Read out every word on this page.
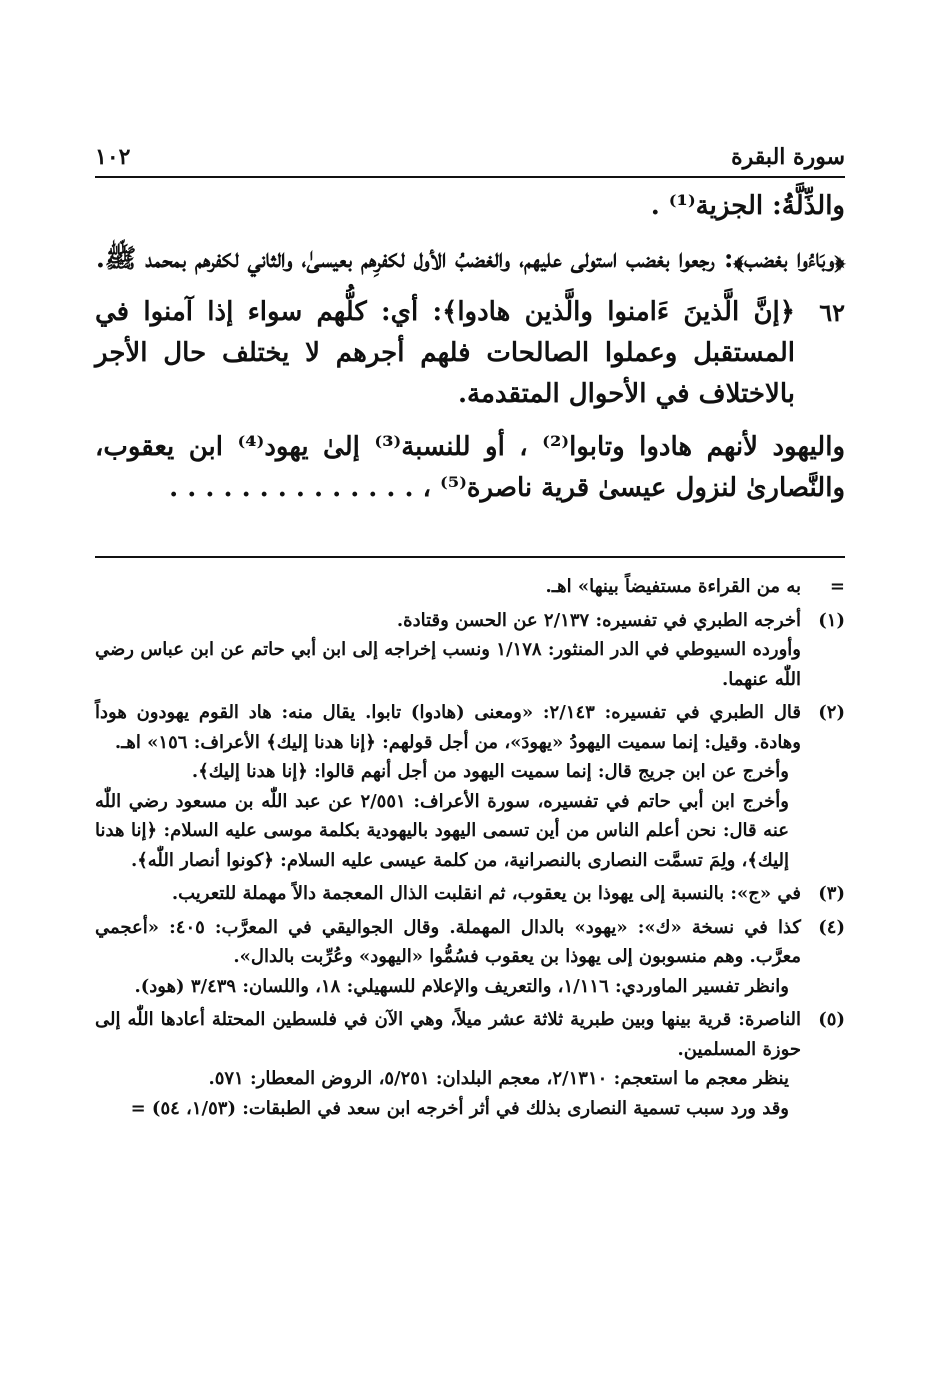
سورة البقرة
١٠٢

والذِّلَّةُ: الجزية⁽¹⁾ .

﴿وبَاءُوا بغضب﴾: رجعوا بغضب استولى عليهم، والغضبُ الأول لكفرِهم بعيسىٰ، والثاني لكفرهم بمحمد ﷺ.

٦٢
﴿إنَّ الَّذينَ ءَامنوا والَّذين هادوا﴾: أي: كلُّهم سواء إذا آمنوا في المستقبل وعملوا الصالحات فلهم أجرهم لا يختلف حال الأجر بالاختلاف في الأحوال المتقدمة.

واليهود لأنهم هادوا وتابوا⁽²⁾ ، أو للنسبة⁽³⁾ إلىٰ يهود⁽⁴⁾ ابن يعقوب، والنَّصارىٰ لنزول عيسىٰ قرية ناصرة⁽⁵⁾ ، . . . . . . . . . . . . . .

=
به من القراءة مستفيضاً بينها» اهـ.
(١)
أخرجه الطبري في تفسيره: ٢/١٣٧ عن الحسن وقتادة.
وأورده السيوطي في الدر المنثور: ١/١٧٨ ونسب إخراجه إلى ابن أبي حاتم عن ابن عباس رضي اللّٰه عنهما.
(٢)
قال الطبري في تفسيره: ٢/١٤٣: «ومعنى (هادوا) تابوا. يقال منه: هاد القوم يهودون هوداً وهادة. وقيل: إنما سميت اليهودُ «يهودَ»، من أجل قولهم: ﴿إنا هدنا إليك﴾ الأعراف: ١٥٦» اهـ.
وأخرج عن ابن جريج قال: إنما سميت اليهود من أجل أنهم قالوا: ﴿إنا هدنا إليك﴾.
وأخرج ابن أبي حاتم في تفسيره، سورة الأعراف: ٢/٥٥١ عن عبد اللّٰه بن مسعود رضي اللّٰه عنه قال: نحن أعلم الناس من أين تسمى اليهود باليهودية بكلمة موسى عليه السلام: ﴿إنا هدنا إليك﴾، ولِمَ تسمَّت النصارى بالنصرانية، من كلمة عيسى عليه السلام: ﴿كونوا أنصار اللّٰه﴾.
(٣)
في «ج»: بالنسبة إلى يهوذا بن يعقوب، ثم انقلبت الذال المعجمة دالاً مهملة للتعريب.
(٤)
كذا في نسخة «ك»: «يهود» بالدال المهملة. وقال الجواليقي في المعرَّب: ٤٠٥: «أعجمي معرَّب. وهم منسوبون إلى يهوذا بن يعقوب فسُمُّوا «اليهود» وعُرِّبت بالدال».
وانظر تفسير الماوردي: ١/١١٦، والتعريف والإعلام للسهيلي: ١٨، واللسان: ٣/٤٣٩ (هود).
(٥)
الناصرة: قرية بينها وبين طبرية ثلاثة عشر ميلاً، وهي الآن في فلسطين المحتلة أعادها اللّٰه إلى حوزة المسلمين.
ينظر معجم ما استعجم: ٢/١٣١٠، معجم البلدان: ٥/٢٥١، الروض المعطار: ٥٧١.
وقد ورد سبب تسمية النصارى بذلك في أثر أخرجه ابن سعد في الطبقات: (١/٥٣، ٥٤) =
